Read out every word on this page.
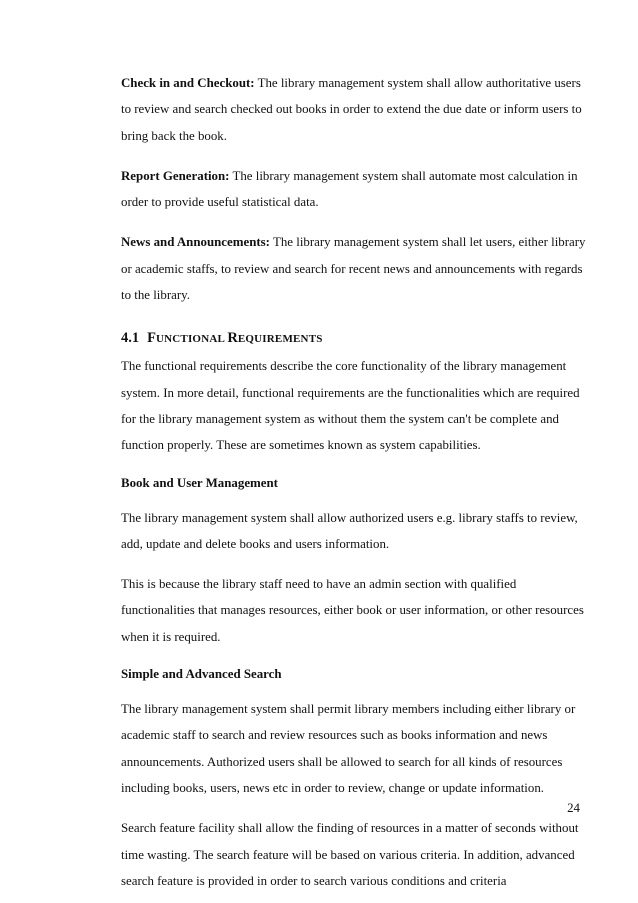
Check in and Checkout: The library management system shall allow authoritative users to review and search checked out books in order to extend the due date or inform users to bring back the book.

Report Generation: The library management system shall automate most calculation in order to provide useful statistical data.

News and Announcements: The library management system shall let users, either library or academic staffs, to review and search for recent news and announcements with regards to the library.

4.1 FUNCTIONAL REQUIREMENTS

The functional requirements describe the core functionality of the library management system. In more detail, functional requirements are the functionalities which are required for the library management system as without them the system can't be complete and function properly. These are sometimes known as system capabilities.

Book and User Management

The library management system shall allow authorized users e.g. library staffs to review, add, update and delete books and users information.

This is because the library staff need to have an admin section with qualified functionalities that manages resources, either book or user information, or other resources when it is required.

Simple and Advanced Search

The library management system shall permit library members including either library or academic staff to search and review resources such as books information and news announcements. Authorized users shall be allowed to search for all kinds of resources including books, users, news etc in order to review, change or update information.

Search feature facility shall allow the finding of resources in a matter of seconds without time wasting. The search feature will be based on various criteria. In addition, advanced search feature is provided in order to search various conditions and criteria

24
